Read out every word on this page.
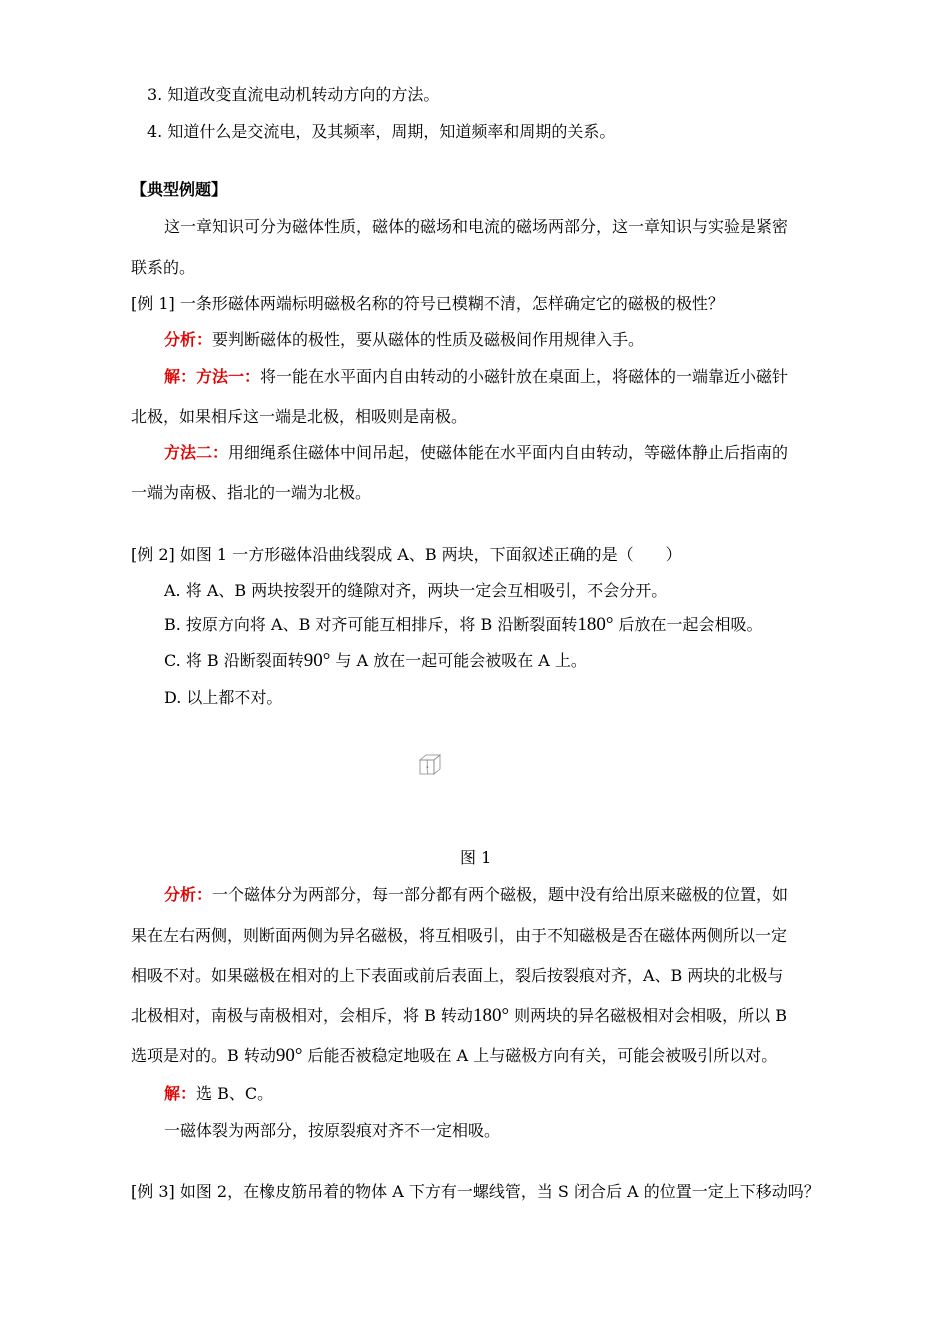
3. 知道改变直流电动机转动方向的方法。
4. 知道什么是交流电，及其频率，周期，知道频率和周期的关系。
【典型例题】
这一章知识可分为磁体性质，磁体的磁场和电流的磁场两部分，这一章知识与实验是紧密
联系的。
[例 1] 一条形磁体两端标明磁极名称的符号已模糊不清，怎样确定它的磁极的极性？
分析：要判断磁体的极性，要从磁体的性质及磁极间作用规律入手。
解：方法一：将一能在水平面内自由转动的小磁针放在桌面上，将磁体的一端靠近小磁针
北极，如果相斥这一端是北极，相吸则是南极。
方法二：用细绳系住磁体中间吊起，使磁体能在水平面内自由转动，等磁体静止后指南的
一端为南极、指北的一端为北极。
[例 2] 如图 1 一方形磁体沿曲线裂成 A、B 两块，下面叙述正确的是（　　）
A. 将 A、B 两块按裂开的缝隙对齐，两块一定会互相吸引，不会分开。
B. 按原方向将 A、B 对齐可能互相排斥，将 B 沿断裂面转180° 后放在一起会相吸。
C. 将 B 沿断裂面转90° 与 A 放在一起可能会被吸在 A 上。
D. 以上都不对。
图 1
分析：一个磁体分为两部分，每一部分都有两个磁极，题中没有给出原来磁极的位置，如
果在左右两侧，则断面两侧为异名磁极，将互相吸引，由于不知磁极是否在磁体两侧所以一定
相吸不对。如果磁极在相对的上下表面或前后表面上，裂后按裂痕对齐，A、B 两块的北极与
北极相对，南极与南极相对，会相斥，将 B 转动180° 则两块的异名磁极相对会相吸，所以 B
选项是对的。B 转动90° 后能否被稳定地吸在 A 上与磁极方向有关，可能会被吸引所以对。
解：选 B、C。
一磁体裂为两部分，按原裂痕对齐不一定相吸。
[例 3] 如图 2，在橡皮筋吊着的物体 A 下方有一螺线管，当 S 闭合后 A 的位置一定上下移动吗？
